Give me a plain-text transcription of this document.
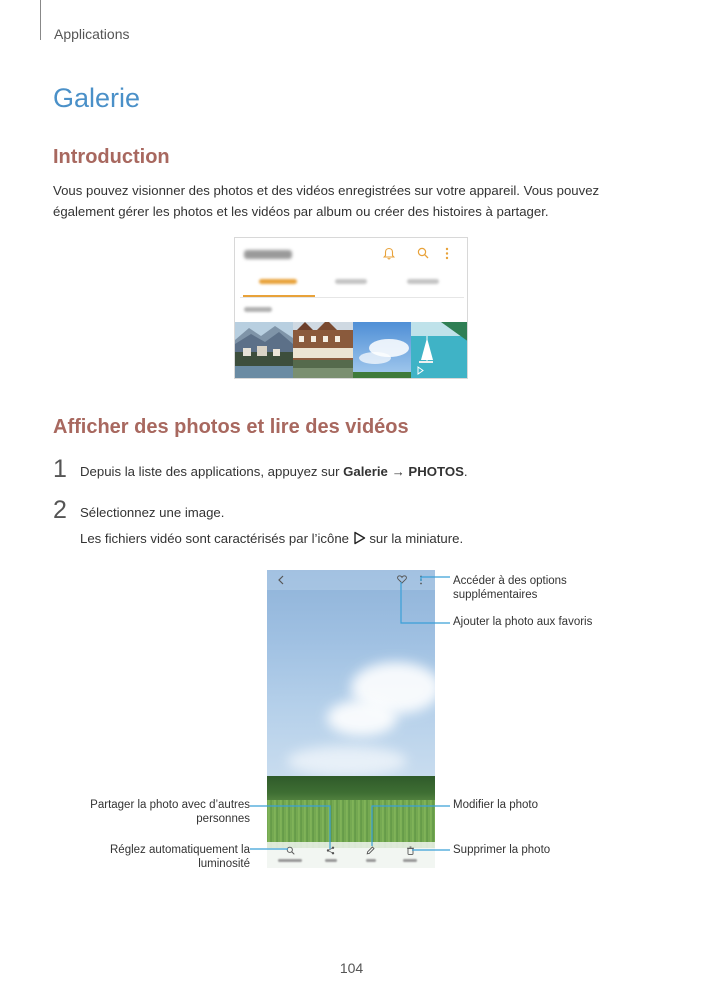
Applications
Galerie
Introduction

Vous pouvez visionner des photos et des vidéos enregistrées sur votre appareil. Vous pouvez également gérer les photos et les vidéos par album ou créer des histoires à partager.

Afficher des photos et lire des vidéos
1 Depuis la liste des applications, appuyez sur Galerie → PHOTOS.
2 Sélectionnez une image.
Les fichiers vidéo sont caractérisés par l’icône  sur la miniature.
Accéder à des options supplémentaires
Ajouter la photo aux favoris
Partager la photo avec d’autres personnes
Réglez automatiquement la luminosité
Modifier la photo
Supprimer la photo
104
